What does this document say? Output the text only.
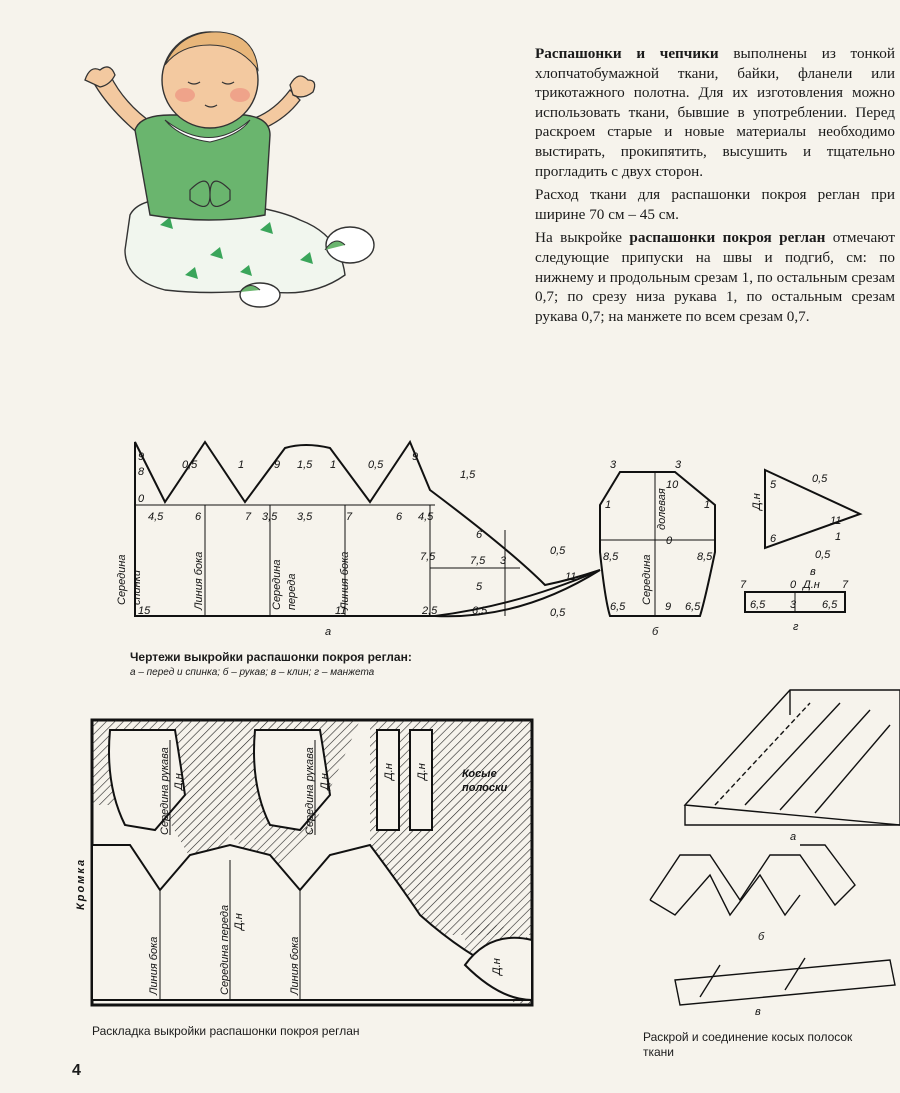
Распашонки и чепчики выполнены из тонкой хлопчатобумажной ткани, байки, фланели или трикотажного полотна. Для их изготовления можно использовать ткани, бывшие в употреблении. Перед раскроем старые и новые материалы необходимо выстирать, прокипятить, высушить и тщательно прогладить с двух сторон.

Расход ткани для распашонки покроя реглан при ширине 70 см – 45 см.

На выкройке распашонки покроя реглан отмечают следующие припуски на швы и подгиб, см: по нижнему и продольным срезам 1, по остальным срезам 0,7; по срезу низа рукава 1, по остальным срезам рукава 0,7; на манжете по всем срезам 0,7.

9
8
0,5	1	9 1,5 1	0,5
9
1,5
0
4,5	6	7 3,5 3,5	7	6 4,5
6
7,5	7,5 3
5
0,5
11
0,5
6,5
2,5
15	11
а
Середина спинки	Линия бока	Середина переда	Линия бока
3	3
1	1
10
0
8,5	8,5
6,5	6,5
9
Середина
долевая
б
Д.н
5	0,5
11
6
0,5
1
в
7	0 Д.н 7
6,5 3 6,5
г
Чертежи выкройки распашонки покроя реглан:
а – перед и спинка; б – рукав; в – клин; г – манжета
Середина рукава	Середина рукава
Д.н	Д.н
Д.н Д.н
Д.н
Линия бока	Середина переда Д.н
Линия бока
Косые
полоски
Кромка
Раскладка выкройки распашонки покроя реглан
а
б
в
Раскрой и соединение косых полосок
ткани
4
